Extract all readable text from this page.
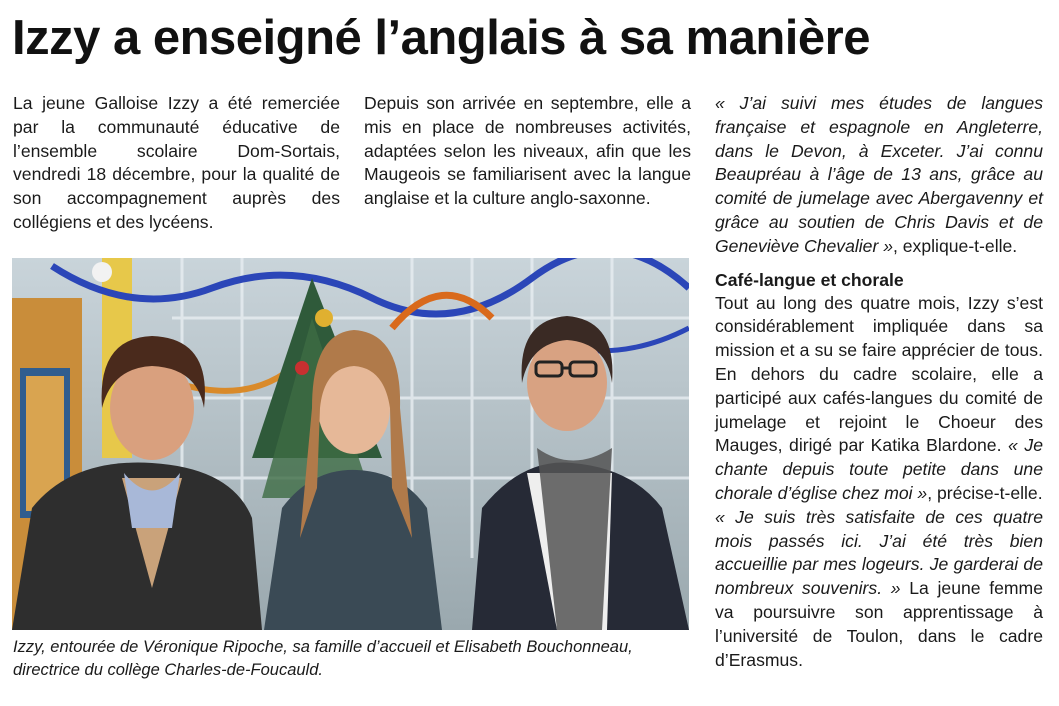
Izzy a enseigné l’anglais à sa manière

La jeune Galloise Izzy a été remerciée par la communauté éducative de l’ensemble scolaire Dom-Sortais, vendredi 18 décembre, pour la qualité de son accompagnement auprès des collégiens et des lycéens.

Depuis son arrivée en septembre, elle a mis en place de nombreuses activités, adaptées selon les niveaux, afin que les Maugeois se familiarisent avec la langue anglaise et la culture anglo-saxonne.

« J’ai suivi mes études de langues française et espagnole en Angleterre, dans le Devon, à Exceter. J’ai connu Beaupréau à l’âge de 13 ans, grâce au comité de jumelage avec Abergavenny et grâce au soutien de Chris Davis et de Geneviève Chevalier », explique-t-elle.

Café-langue et chorale

Tout au long des quatre mois, Izzy s’est considérablement impliquée dans sa mission et a su se faire apprécier de tous. En dehors du cadre scolaire, elle a participé aux cafés-langues du comité de jumelage et rejoint le Choeur des Mauges, dirigé par Katika Blardone. « Je chante depuis toute petite dans une chorale d’église chez moi », précise-t-elle.

« Je suis très satisfaite de ces quatre mois passés ici. J’ai été très bien accueillie par mes logeurs. Je garderai de nombreux souvenirs. » La jeune femme va poursuivre son apprentissage à l’université de Toulon, dans le cadre d’Erasmus.

Izzy, entourée de Véronique Ripoche, sa famille d’accueil et Elisabeth Bouchonneau, directrice du collège Charles-de-Foucauld.
